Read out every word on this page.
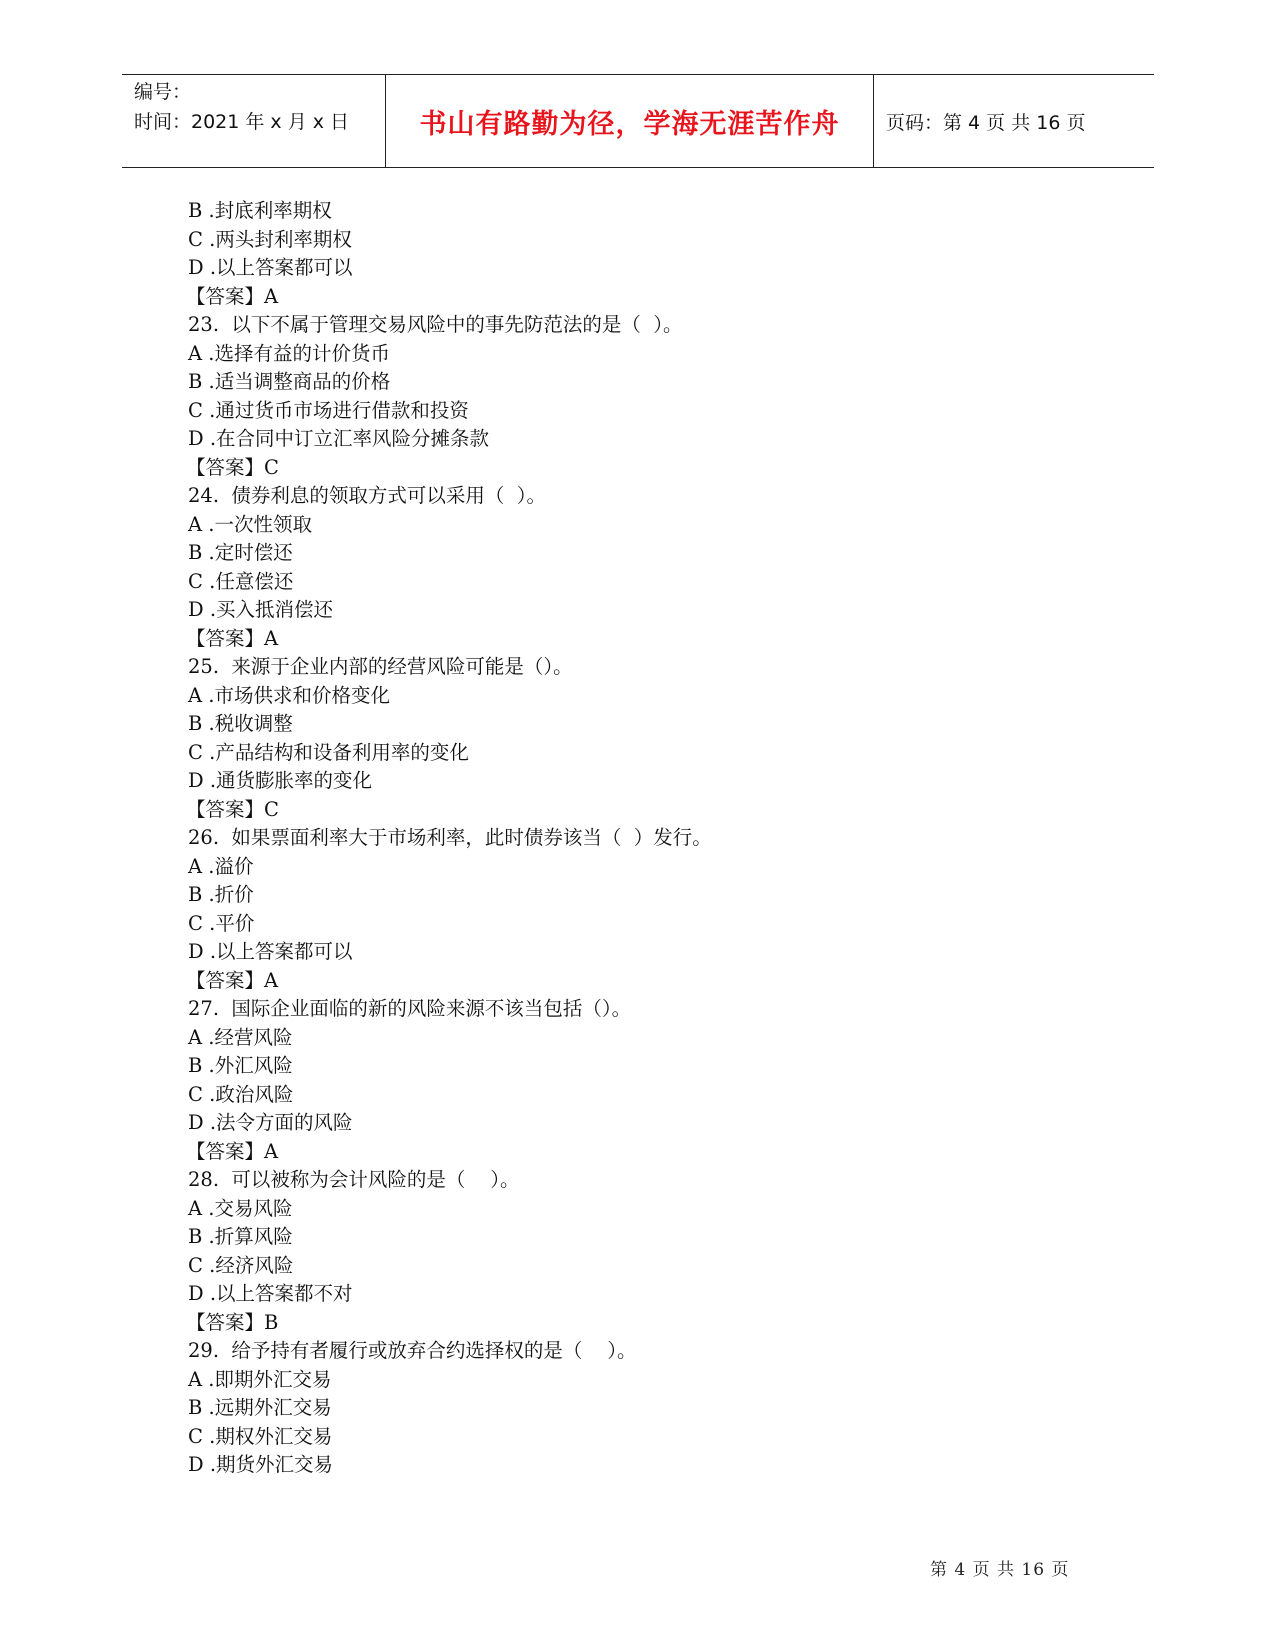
编号：
时间：2021 年 x 月 x 日	书山有路勤为径，学海无涯苦作舟 页码：第 4 页 共 16 页
B .封底利率期权
C .两头封利率期权
D .以上答案都可以
【答案】A
23.  以下不属于管理交易风险中的事先防范法的是（  ）。
A .选择有益的计价货币
B .适当调整商品的价格
C .通过货币市场进行借款和投资
D .在合同中订立汇率风险分摊条款
【答案】C
24.  债券利息的领取方式可以采用（  ）。
A .一次性领取
B .定时偿还
C .任意偿还
D .买入抵消偿还
【答案】A
25.  来源于企业内部的经营风险可能是（）。
A .市场供求和价格变化
B .税收调整
C .产品结构和设备利用率的变化
D .通货膨胀率的变化
【答案】C
26.  如果票面利率大于市场利率，此时债券该当（  ）发行。
A .溢价
B .折价
C .平价
D .以上答案都可以
【答案】A
27.  国际企业面临的新的风险来源不该当包括（）。
A .经营风险
B .外汇风险
C .政治风险
D .法令方面的风险
【答案】A
28.  可以被称为会计风险的是（    ）。
A .交易风险
B .折算风险
C .经济风险
D .以上答案都不对
【答案】B
29.  给予持有者履行或放弃合约选择权的是（    ）。
A .即期外汇交易
B .远期外汇交易
C .期权外汇交易
D .期货外汇交易
第 4 页 共 16 页
